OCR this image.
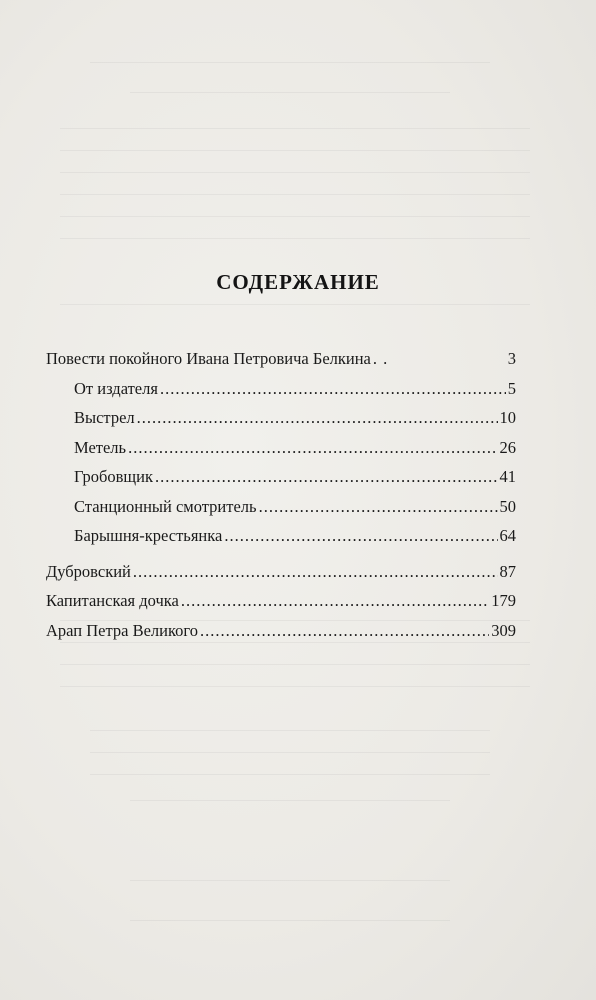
СОДЕРЖАНИЕ
Повести покойного Ивана Петровича Белкина . .	3
От издателя .....	5
Выстрел .....	10
Метель .....	26
Гробовщик .....	41
Станционный смотритель .....	50
Барышня-крестьянка .....	64
Дубровский .....	87
Капитанская дочка .....	179
Арап Петра Великого .....	309
